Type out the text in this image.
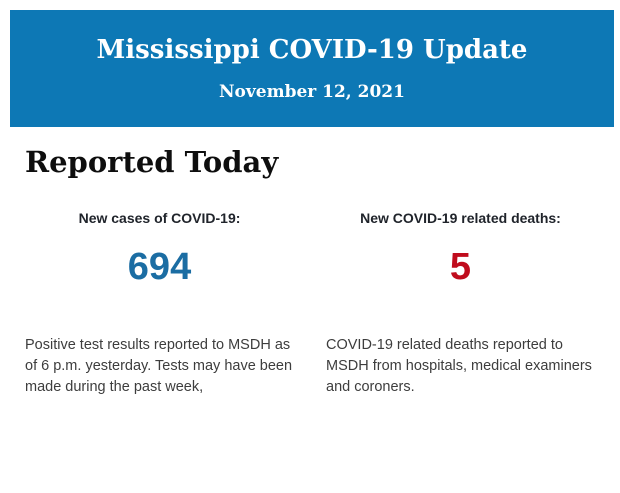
Mississippi COVID-19 Update
November 12, 2021
Reported Today
New cases of COVID-19:
694
Positive test results reported to MSDH as of 6 p.m. yesterday. Tests may have been made during the past week,
New COVID-19 related deaths:
5
COVID-19 related deaths reported to MSDH from hospitals, medical examiners and coroners.
